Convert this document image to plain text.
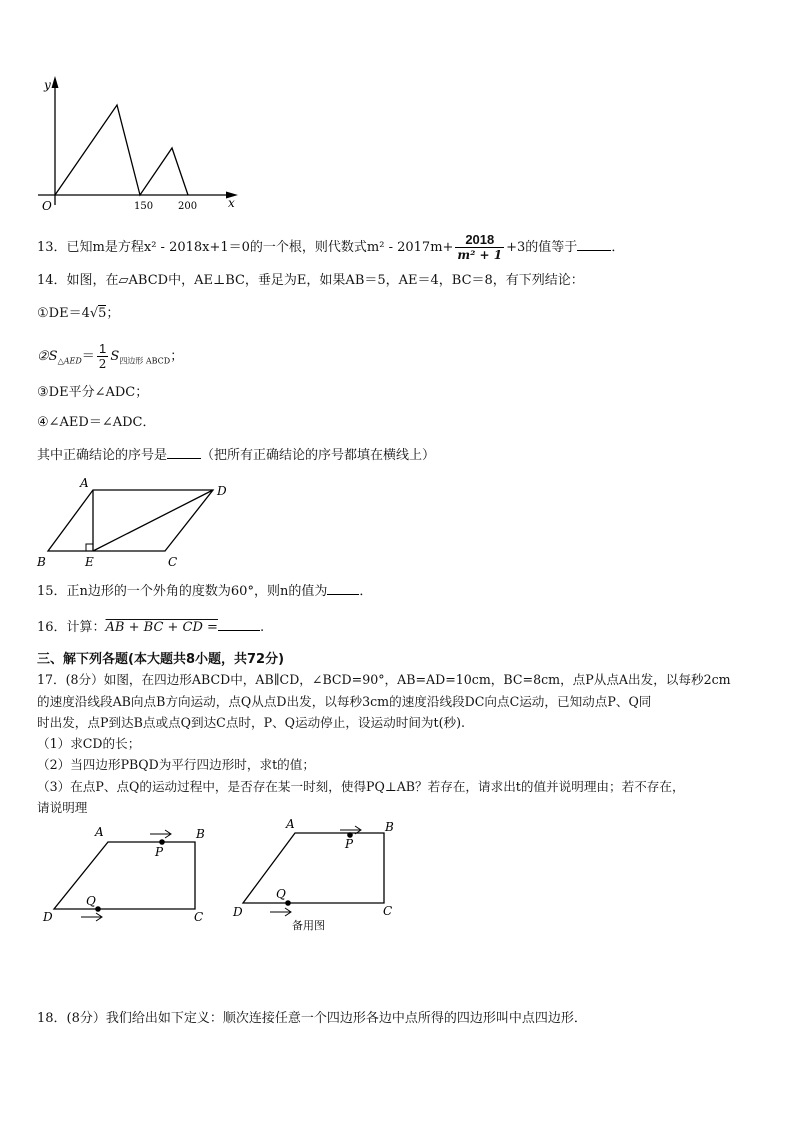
y
x
O	150 200
13．已知m是方程x² - 2018x+1＝0的一个根，则代数式$m^2 - 2017m+ \frac{2018}{\text{m² + 1}} +3$的值等于	．
14．如图，在▱ABCD中，AE⊥BC，垂足为E，如果AB＝5，AE＝4，BC＝8，有下列结论：
①DE＝4√5；
$②S_{\triangle AED}= \frac{1}{2} S_{四边形 ABCD}$；
③DE平分∠ADC；
④∠AED＝∠ADC．
其中正确结论的序号是	（把所有正确结论的序号都填在横线上）
A
D
B	E	C
15．正n边形的一个外角的度数为60°，则n的值为 ．
16．计算：AB + BC + CD =	.
三、解下列各题(本大题共8小题，共72分)
17．(8分）如图，在四边形ABCD中，AB∥CD，∠BCD=90°，AB=AD=10cm，BC=8cm，点P从点A出发，以每秒2cm
的速度沿线段AB向点B方向运动，点Q从点D出发，以每秒3cm的速度沿线段DC向点C运动，已知动点P、Q同
时出发，点P到达B点或点Q到达C点时，P、Q运动停止，设运动时间为t(秒).
（1）求CD的长；
（2）当四边形PBQD为平行四边形时，求t的值；
（3）在点P、点Q的运动过程中，是否存在某一时刻，使得PQ⊥AB？若存在，请求出t的值并说明理由；若不存在，
请说明理
A	B
P
Q
D	C
A	B
P
Q
D	C
备用图
18．(8分）我们给出如下定义：顺次连接任意一个四边形各边中点所得的四边形叫中点四边形．
